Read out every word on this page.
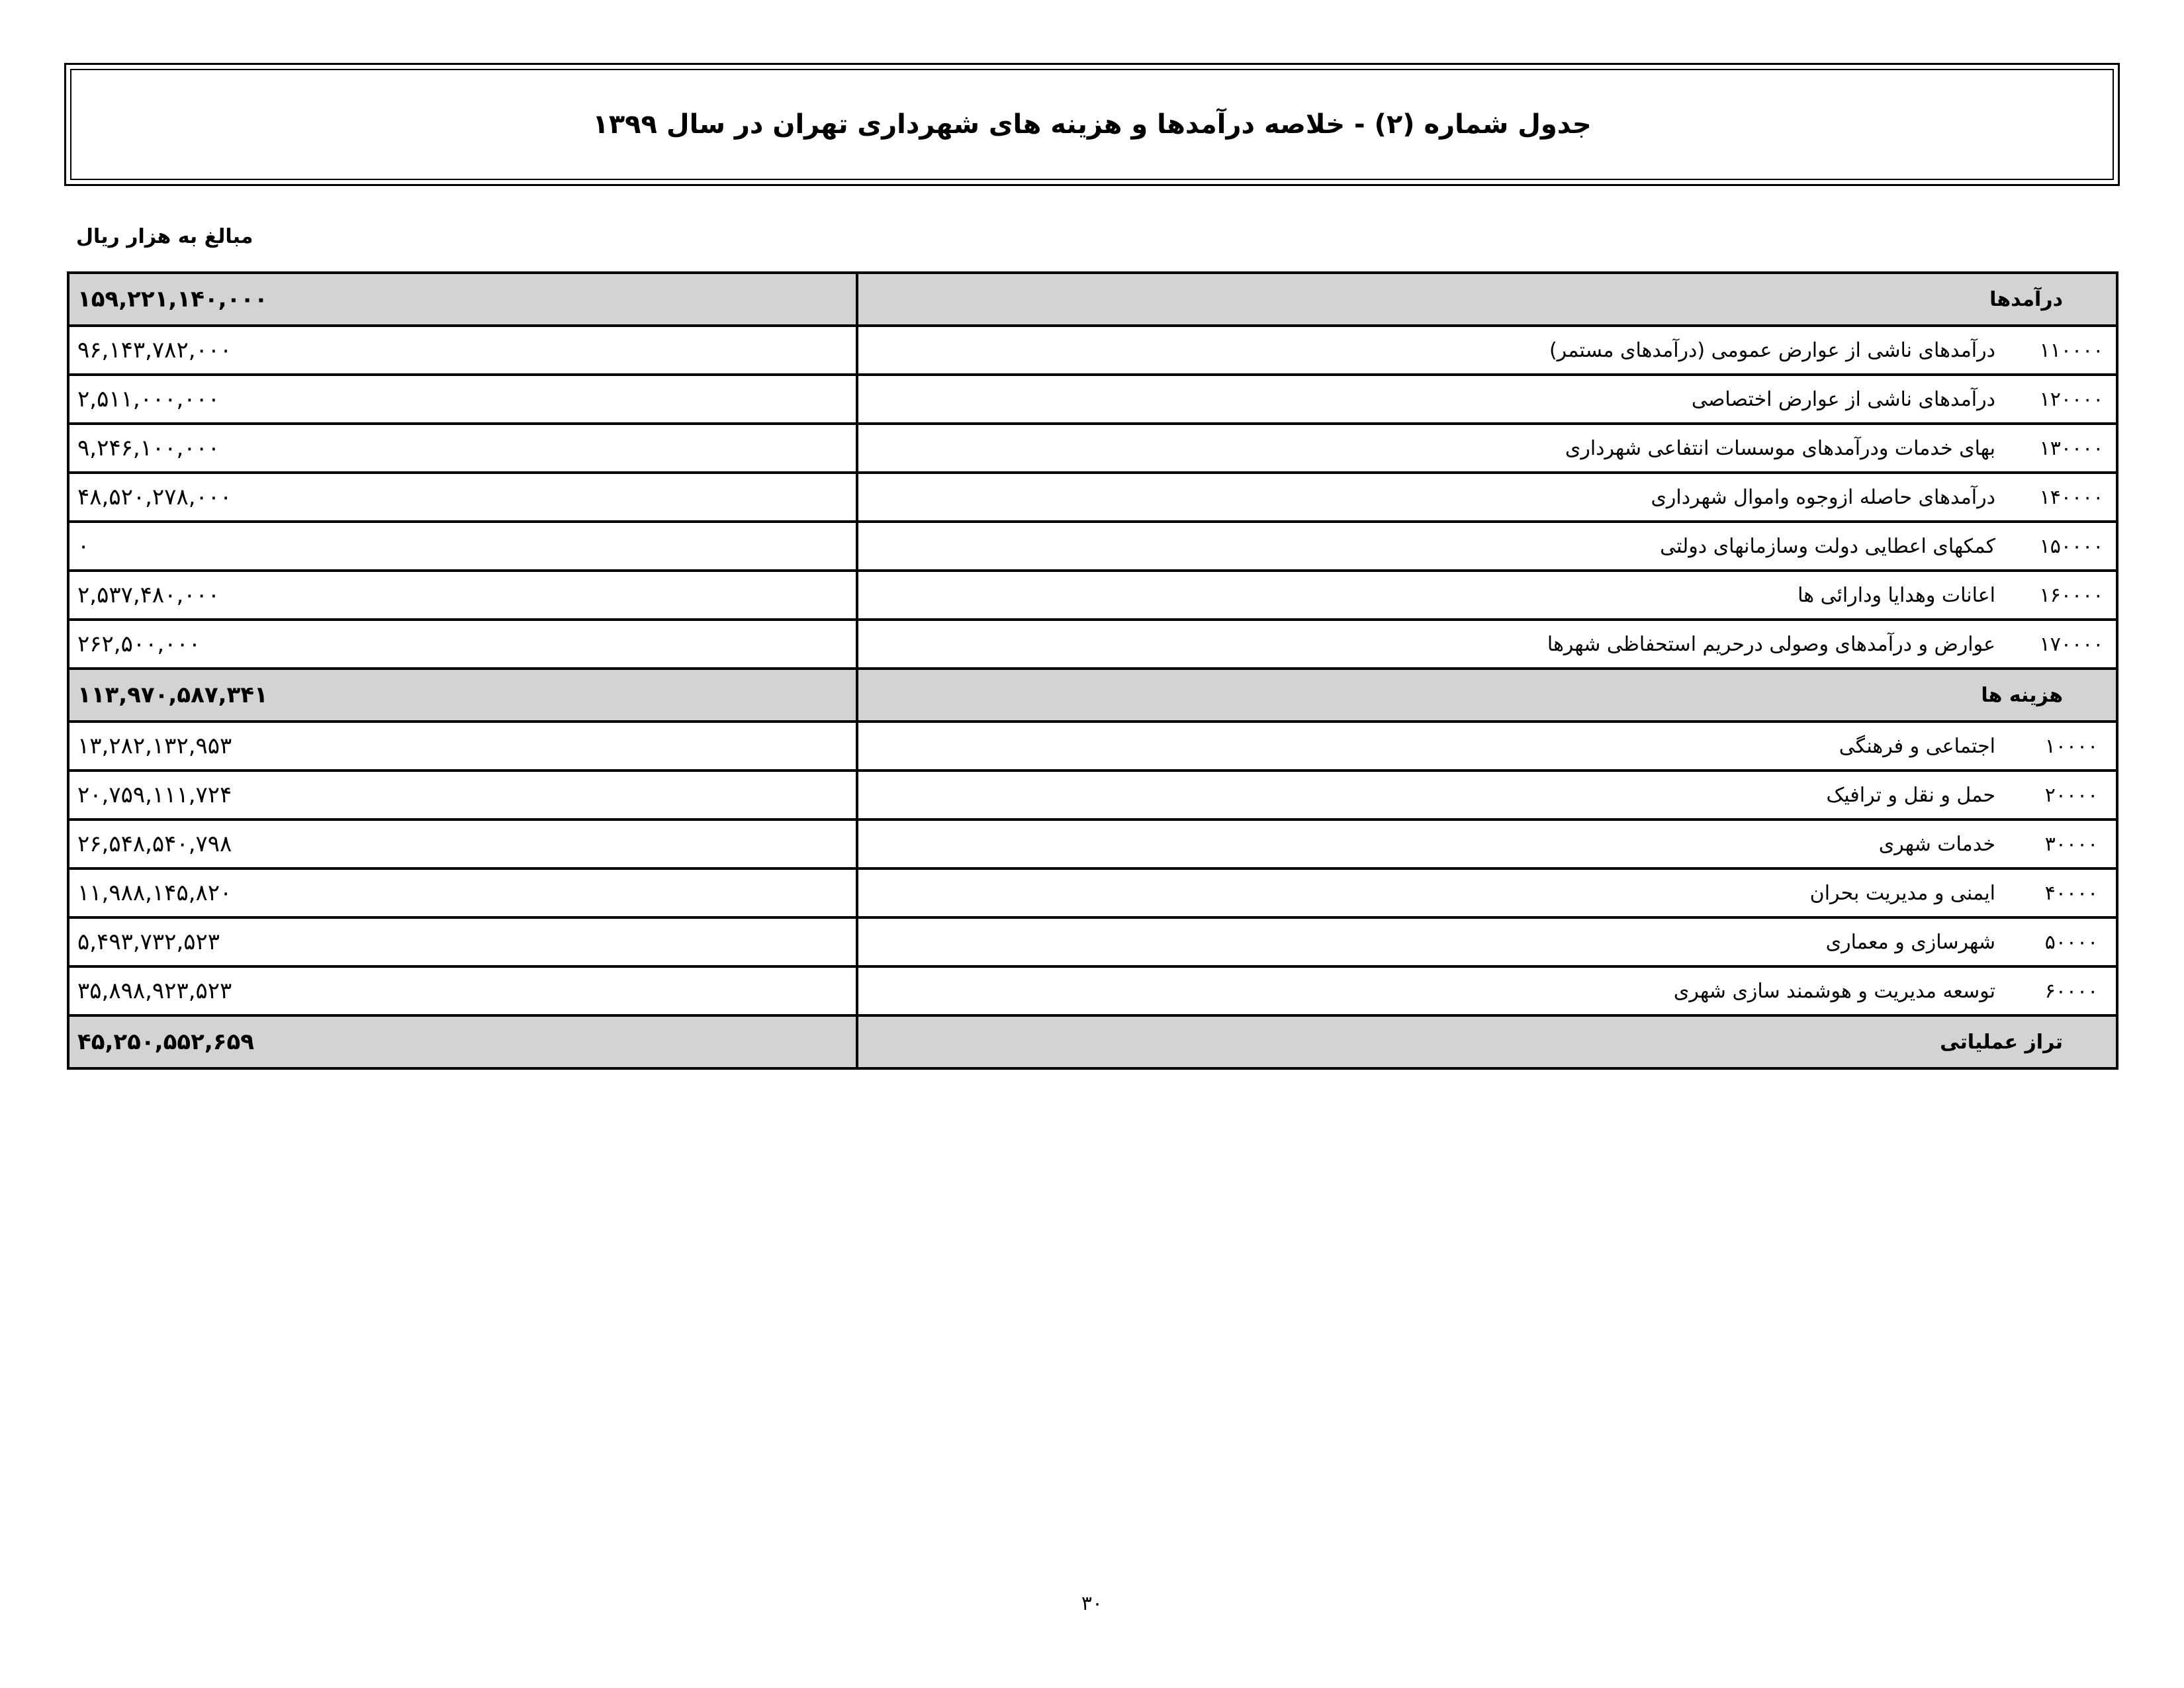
جدول شماره (۲) - خلاصه درآمدها و هزینه های شهرداری تهران در سال ۱۳۹۹
مبالغ به هزار ریال
درآمدها	۱۵۹,۲۲۱,۱۴۰,۰۰۰
۱۱۰۰۰۰درآمدهای ناشی از عوارض عمومی (درآمدهای مستمر)	۹۶,۱۴۳,۷۸۲,۰۰۰
۱۲۰۰۰۰درآمدهای ناشی از عوارض اختصاصی	۲,۵۱۱,۰۰۰,۰۰۰
۱۳۰۰۰۰بهای خدمات ودرآمدهای موسسات انتفاعی شهرداری	۹,۲۴۶,۱۰۰,۰۰۰
۱۴۰۰۰۰درآمدهای حاصله ازوجوه واموال شهرداری	۴۸,۵۲۰,۲۷۸,۰۰۰
۱۵۰۰۰۰کمکهای اعطایی دولت وسازمانهای دولتی	۰
۱۶۰۰۰۰اعانات وهدایا ودارائی ها	۲,۵۳۷,۴۸۰,۰۰۰
۱۷۰۰۰۰عوارض و درآمدهای وصولی درحریم استحفاظی شهرها	۲۶۲,۵۰۰,۰۰۰
هزینه ها	۱۱۳,۹۷۰,۵۸۷,۳۴۱
۱۰۰۰۰اجتماعی و فرهنگی	۱۳,۲۸۲,۱۳۲,۹۵۳
۲۰۰۰۰حمل و نقل و ترافیک	۲۰,۷۵۹,۱۱۱,۷۲۴
۳۰۰۰۰خدمات شهری	۲۶,۵۴۸,۵۴۰,۷۹۸
۴۰۰۰۰ایمنی و مدیریت بحران	۱۱,۹۸۸,۱۴۵,۸۲۰
۵۰۰۰۰شهرسازی و معماری	۵,۴۹۳,۷۳۲,۵۲۳
۶۰۰۰۰توسعه مدیریت و هوشمند سازی شهری	۳۵,۸۹۸,۹۲۳,۵۲۳
تراز عملیاتی	۴۵,۲۵۰,۵۵۲,۶۵۹
۳۰
